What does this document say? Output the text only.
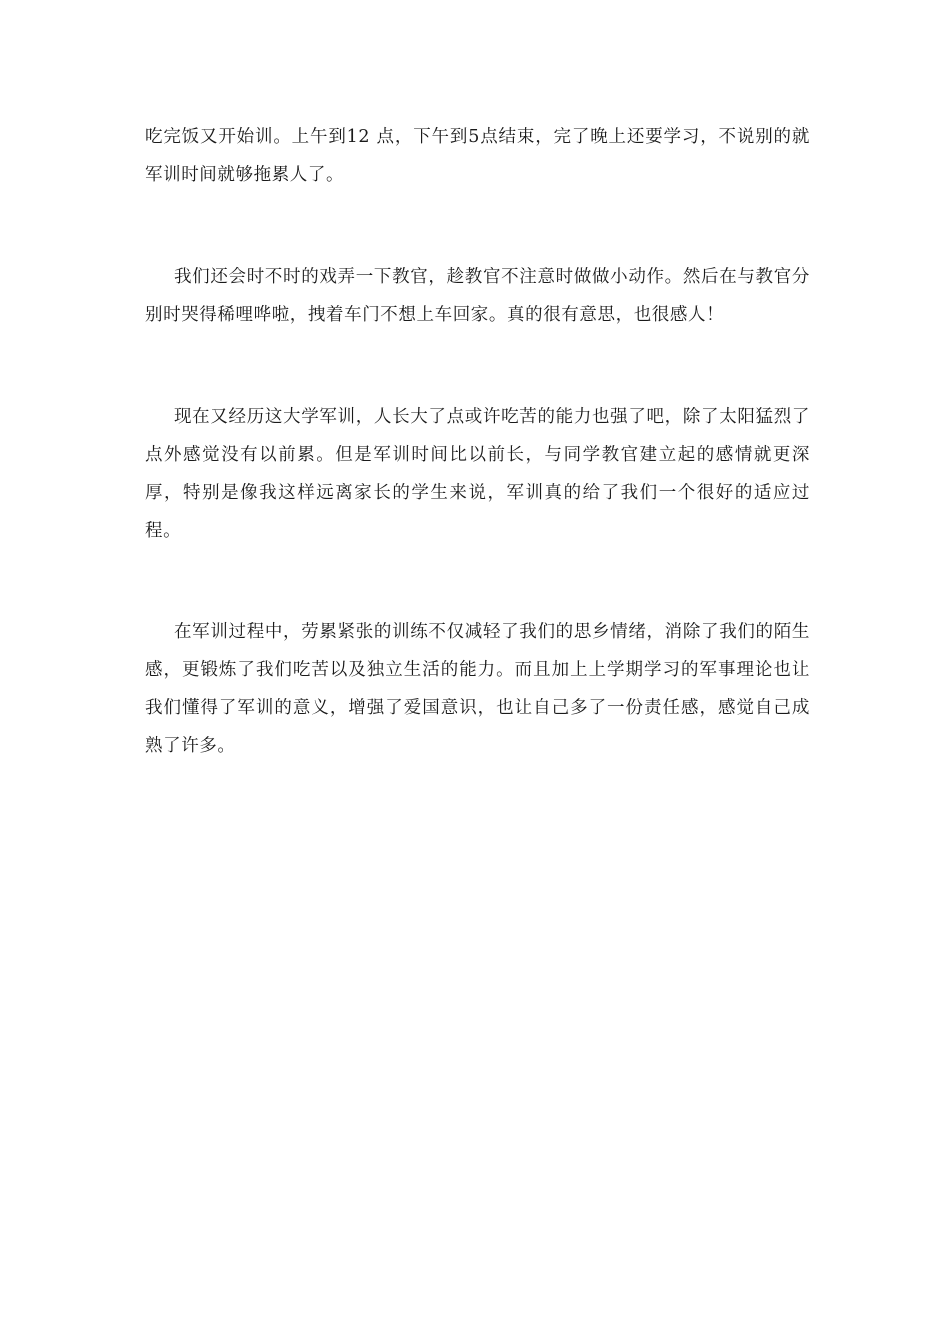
吃完饭又开始训。上午到12 点，下午到5点结束，完了晚上还要学习，不说别的就军训时间就够拖累人了。

我们还会时不时的戏弄一下教官，趁教官不注意时做做小动作。然后在与教官分别时哭得稀哩哗啦，拽着车门不想上车回家。真的很有意思，也很感人！

现在又经历这大学军训，人长大了点或许吃苦的能力也强了吧，除了太阳猛烈了点外感觉没有以前累。但是军训时间比以前长，与同学教官建立起的感情就更深厚，特别是像我这样远离家长的学生来说，军训真的给了我们一个很好的适应过程。

在军训过程中，劳累紧张的训练不仅减轻了我们的思乡情绪，消除了我们的陌生感，更锻炼了我们吃苦以及独立生活的能力。而且加上上学期学习的军事理论也让我们懂得了军训的意义，增强了爱国意识，也让自己多了一份责任感，感觉自己成熟了许多。
